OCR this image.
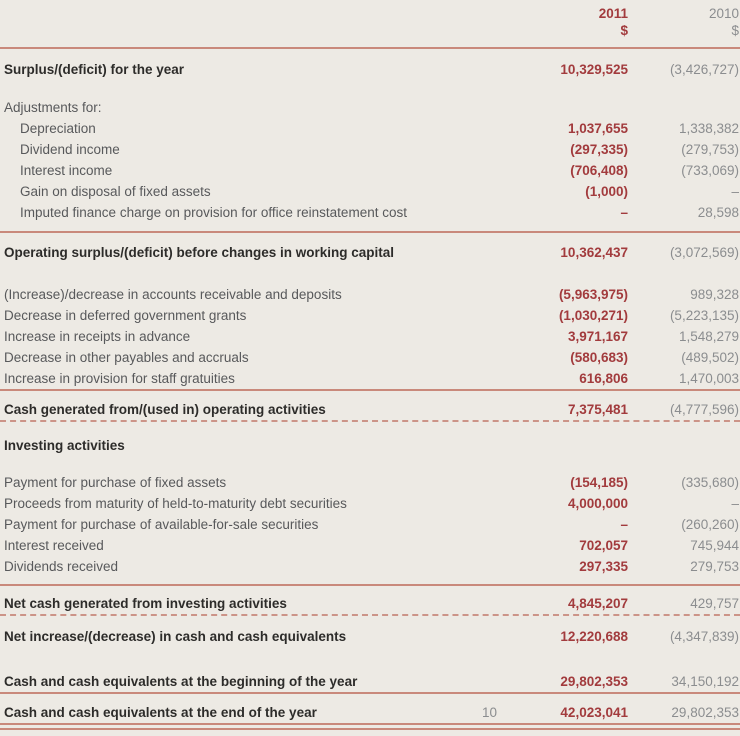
2011	2010
$	$
Surplus/(deficit) for the year	10,329,525	(3,426,727)
Adjustments for:
Depreciation	1,037,655	1,338,382
Dividend income	(297,335)	(279,753)
Interest income	(706,408)	(733,069)
Gain on disposal of fixed assets	(1,000)	–
Imputed finance charge on provision for office reinstatement cost	–	28,598
Operating surplus/(deficit) before changes in working capital	10,362,437	(3,072,569)
(Increase)/decrease in accounts receivable and deposits	(5,963,975)	989,328
Decrease in deferred government grants	(1,030,271)	(5,223,135)
Increase in receipts in advance	3,971,167	1,548,279
Decrease in other payables and accruals	(580,683)	(489,502)
Increase in provision for staff gratuities	616,806	1,470,003
Cash generated from/(used in) operating activities	7,375,481	(4,777,596)
Investing activities
Payment for purchase of fixed assets	(154,185)	(335,680)
Proceeds from maturity of held-to-maturity debt securities	4,000,000	–
Payment for purchase of available-for-sale securities	–	(260,260)
Interest received	702,057	745,944
Dividends received	297,335	279,753
Net cash generated from investing activities	4,845,207	429,757
Net increase/(decrease) in cash and cash equivalents	12,220,688	(4,347,839)
Cash and cash equivalents at the beginning of the year	29,802,353	34,150,192
Cash and cash equivalents at the end of the year	10	42,023,041	29,802,353
